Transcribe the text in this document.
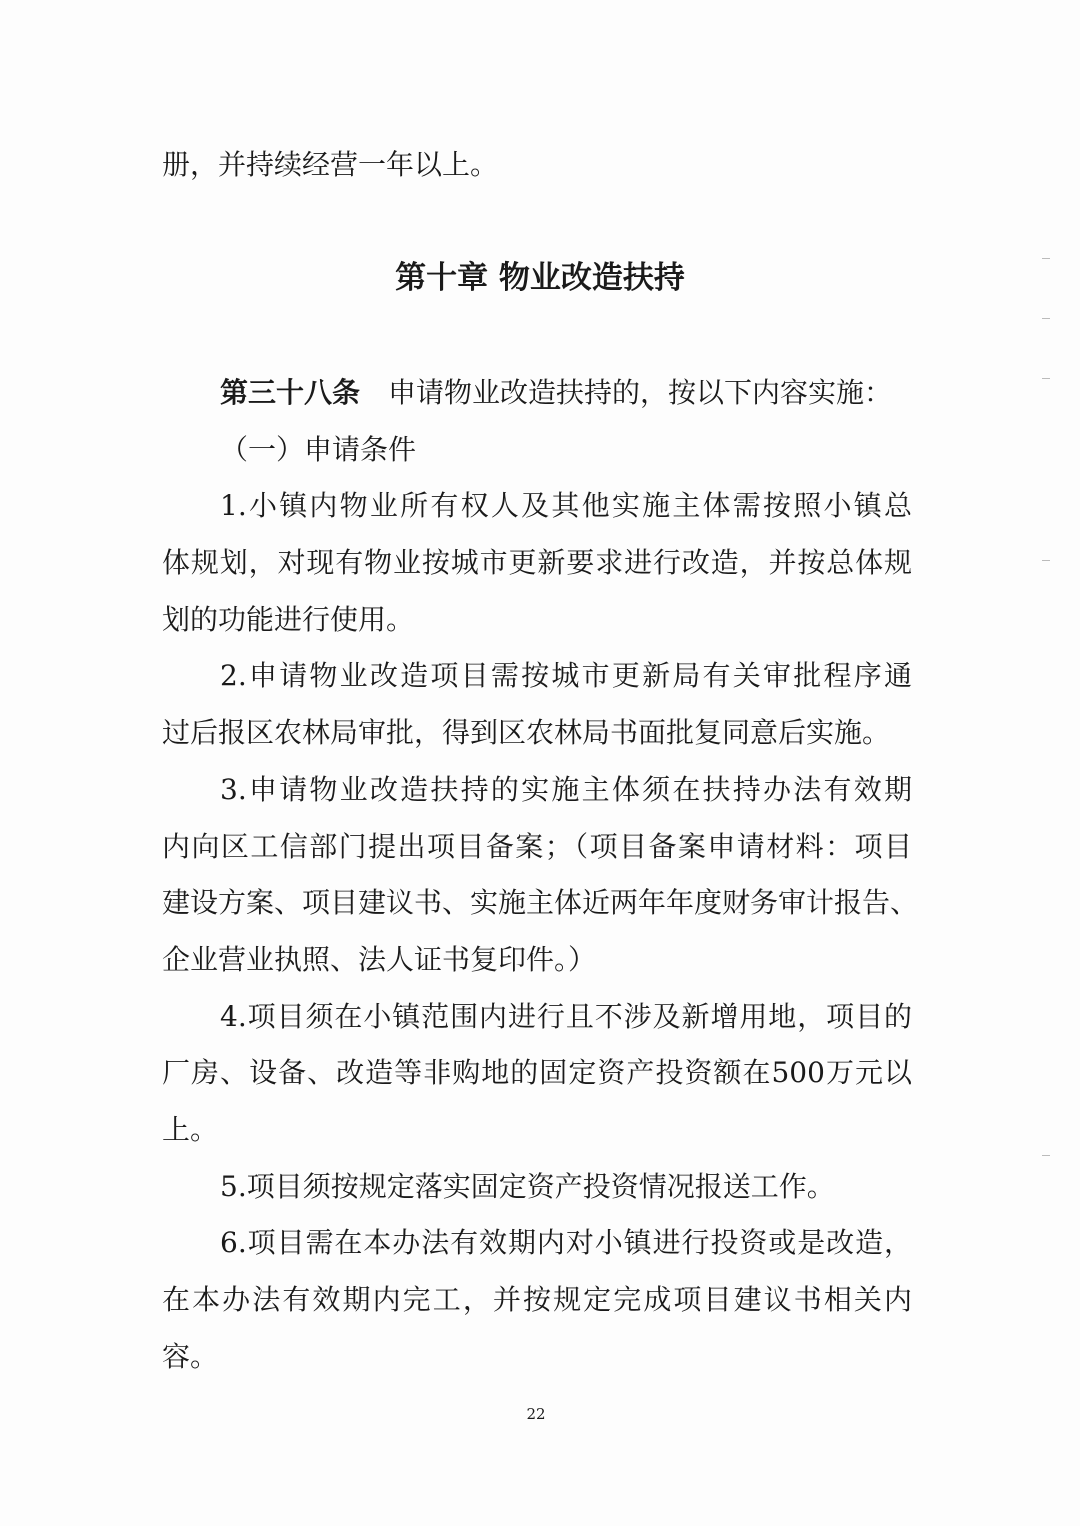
册，并持续经营一年以上。
第十章 物业改造扶持
第三十八条 申请物业改造扶持的，按以下内容实施：
（一）申请条件
1.小镇内物业所有权人及其他实施主体需按照小镇总
体规划，对现有物业按城市更新要求进行改造，并按总体规
划的功能进行使用。
2.申请物业改造项目需按城市更新局有关审批程序通
过后报区农林局审批，得到区农林局书面批复同意后实施。
3.申请物业改造扶持的实施主体须在扶持办法有效期
内向区工信部门提出项目备案；（项目备案申请材料：项目
建设方案、项目建议书、实施主体近两年年度财务审计报告、
企业营业执照、法人证书复印件。）
4.项目须在小镇范围内进行且不涉及新增用地，项目的
厂房、设备、改造等非购地的固定资产投资额在500万元以
上。
5.项目须按规定落实固定资产投资情况报送工作。
6.项目需在本办法有效期内对小镇进行投资或是改造，
在本办法有效期内完工，并按规定完成项目建议书相关内
容。
22
